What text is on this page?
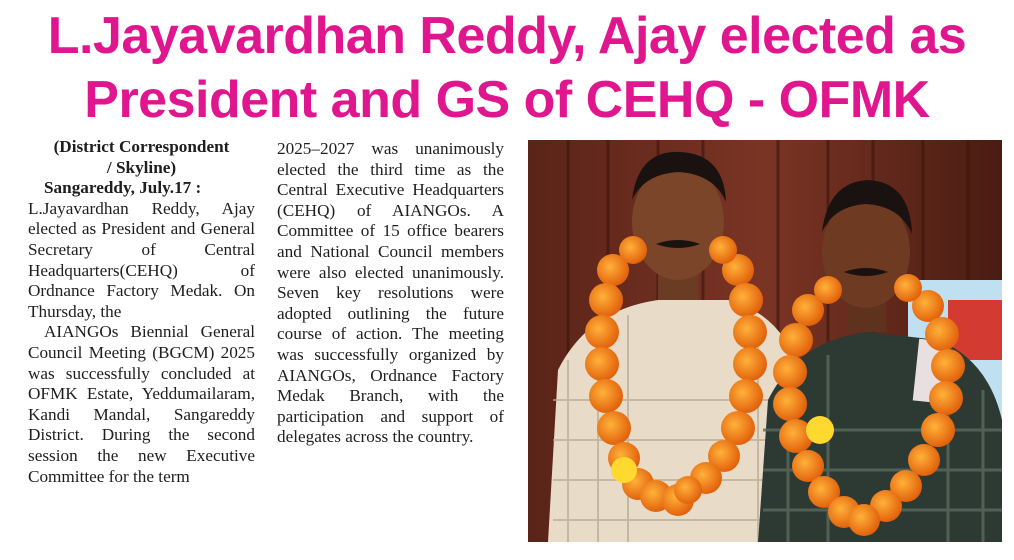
L.Jayavardhan Reddy, Ajay elected as
President and GS of CEHQ - OFMK

(District Correspondent

/ Skyline)

Sangareddy, July.17 :

L.Jayavardhan Reddy, Ajay elected as President and General Secretary of Central Headquarters(CEHQ) of Ordnance Factory Medak. On Thursday, the

AIANGOs Biennial General Council Meeting (BGCM) 2025 was successfully concluded at OFMK Estate, Yeddumailaram, Kandi Mandal, Sangareddy District. During the second session the new Executive Committee for the term

2025–2027 was unanimously elected the third time as the Central Executive Headquarters (CEHQ) of AIANGOs. A Committee of 15 office bearers and National Council members were also elected unanimously. Seven key resolutions were adopted outlining the future course of action. The meeting was successfully organized by AIANGOs, Ordnance Factory Medak Branch, with the participation and support of delegates across the country.
